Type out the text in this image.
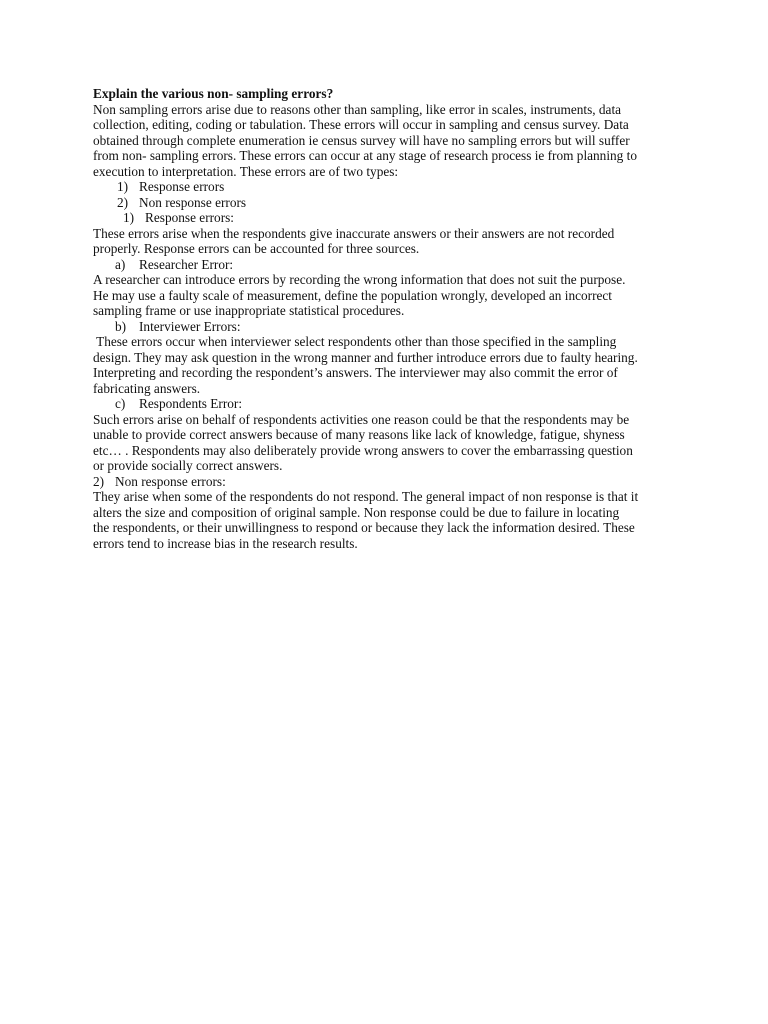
Explain the various non- sampling errors?
Non sampling errors arise due to reasons other than sampling, like error in scales, instruments, data
collection, editing, coding or tabulation. These errors will occur in sampling and census survey. Data
obtained through complete enumeration ie census survey will have no sampling errors but will suffer
from non- sampling errors. These errors can occur at any stage of research process ie from planning to
execution to interpretation. These errors are of two types:
1) Response errors
2) Non response errors
1) Response errors:
These errors arise when the respondents give inaccurate answers or their answers are not recorded
properly. Response errors can be accounted for three sources.
a) Researcher Error:
A researcher can introduce errors by recording the wrong information that does not suit the purpose.
He may use a faulty scale of measurement, define the population wrongly, developed an incorrect
sampling frame or use inappropriate statistical procedures.
b) Interviewer Errors:
These errors occur when interviewer select respondents other than those specified in the sampling
design. They may ask question in the wrong manner and further introduce errors due to faulty hearing.
Interpreting and recording the respondent’s answers. The interviewer may also commit the error of
fabricating answers.
c) Respondents Error:
Such errors arise on behalf of respondents activities one reason could be that the respondents may be
unable to provide correct answers because of many reasons like lack of knowledge, fatigue, shyness
etc… . Respondents may also deliberately provide wrong answers to cover the embarrassing question
or provide socially correct answers.
2) Non response errors:
They arise when some of the respondents do not respond. The general impact of non response is that it
alters the size and composition of original sample. Non response could be due to failure in locating
the respondents, or their unwillingness to respond or because they lack the information desired. These
errors tend to increase bias in the research results.
